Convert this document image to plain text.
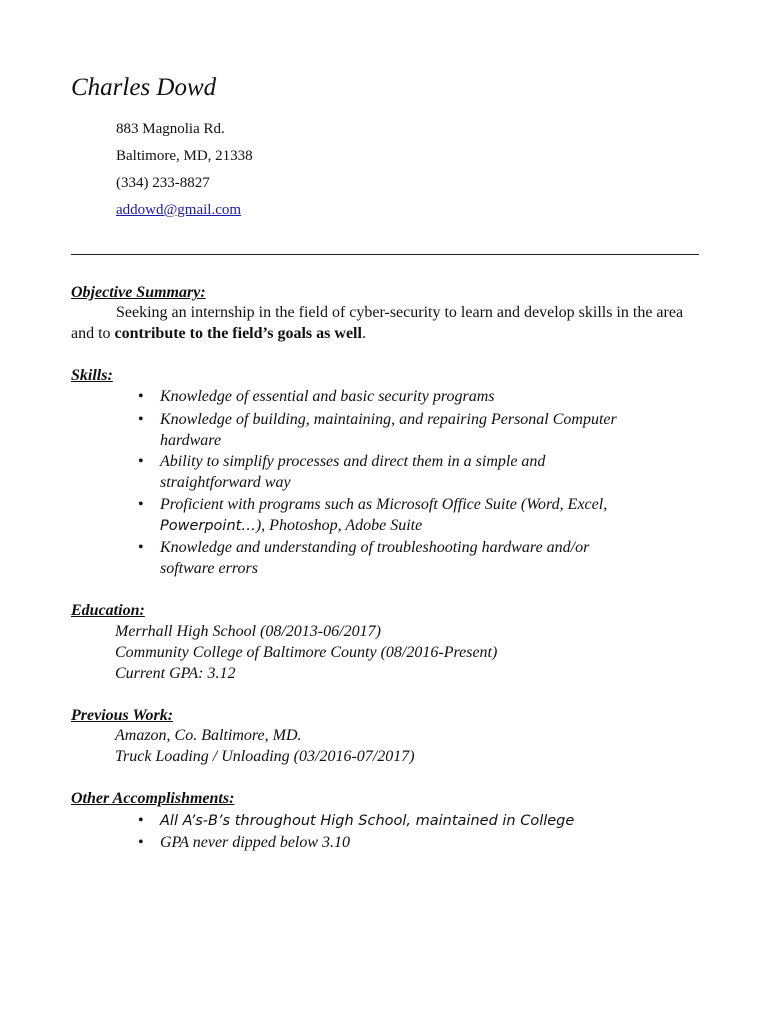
Charles Dowd
883 Magnolia Rd.
Baltimore, MD, 21338
(334) 233-8827
addowd@gmail.com
Objective Summary:
Seeking an internship in the field of cyber-security to learn and develop skills in the area and to contribute to the field’s goals as well.
Skills:
• Knowledge of essential and basic security programs
• Knowledge of building, maintaining, and repairing Personal Computer
hardware
• Ability to simplify processes and direct them in a simple and
straightforward way
• Proficient with programs such as Microsoft Office Suite (Word, Excel,
Powerpoint…), Photoshop, Adobe Suite
• Knowledge and understanding of troubleshooting hardware and/or
software errors
Education:
Merrhall High School (08/2013-06/2017)
Community College of Baltimore County (08/2016-Present)
Current GPA: 3.12
Previous Work:
Amazon, Co. Baltimore, MD.
Truck Loading / Unloading (03/2016-07/2017)
Other Accomplishments:
• All A’s-B’s throughout High School, maintained in College
• GPA never dipped below 3.10
